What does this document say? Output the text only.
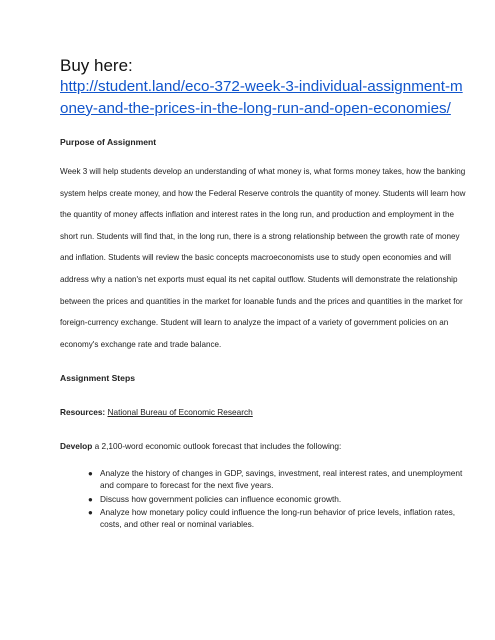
Buy here:

http://student.land/eco-372-week-3-individual-assignment-money-and-the-prices-in-the-long-run-and-open-economies/

Purpose of Assignment

Week 3 will help students develop an understanding of what money is, what forms money takes, how the banking system helps create money, and how the Federal Reserve controls the quantity of money. Students will learn how the quantity of money affects inflation and interest rates in the long run, and production and employment in the short run. Students will find that, in the long run, there is a strong relationship between the growth rate of money and inflation. Students will review the basic concepts macroeconomists use to study open economies and will address why a nation's net exports must equal its net capital outflow. Students will demonstrate the relationship between the prices and quantities in the market for loanable funds and the prices and quantities in the market for foreign-currency exchange. Student will learn to analyze the impact of a variety of government policies on an economy's exchange rate and trade balance.

Assignment Steps

Resources: National Bureau of Economic Research

Develop a 2,100-word economic outlook forecast that includes the following:

● Analyze the history of changes in GDP, savings, investment, real interest rates, and unemployment and compare to forecast for the next five years.
● Discuss how government policies can influence economic growth.
● Analyze how monetary policy could influence the long-run behavior of price levels, inflation rates, costs, and other real or nominal variables.
